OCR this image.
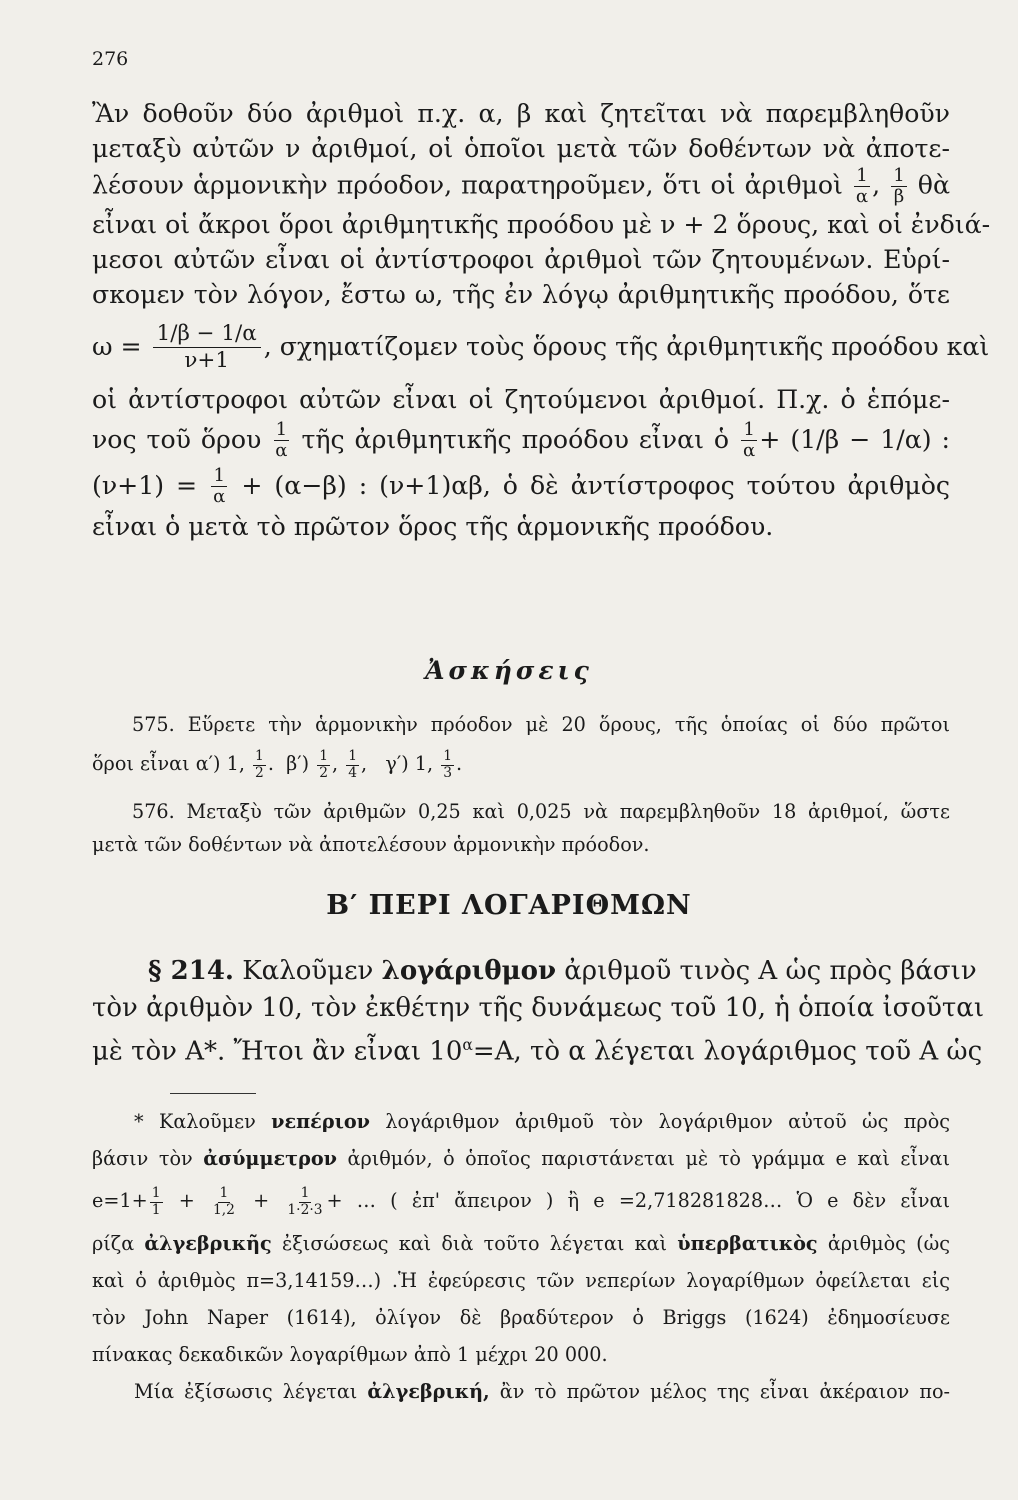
276

Ἂν δοθοῦν δύο ἀριθμοὶ π.χ. α, β καὶ ζητεῖται νὰ παρεμβληθοῦν
μεταξὺ αὐτῶν ν ἀριθμοί, οἱ ὁποῖοι μετὰ τῶν δοθέντων νὰ ἀποτε-
λέσουν ἁρμονικὴν πρόοδον, παρατηροῦμεν, ὅτι οἱ ἀριθμοὶ $\frac{1}{\alpha}$ , $\frac{1}{\beta}$ θὰ
εἶναι οἱ ἄκροι ὅροι ἀριθμητικῆς προόδου μὲ ν + 2 ὅρους, καὶ οἱ ἐνδιά-
μεσοι αὐτῶν εἶναι οἱ ἀντίστροφοι ἀριθμοὶ τῶν ζητουμένων. Εὑρί-
σκομεν τὸν λόγον, ἔστω ω, τῆς ἐν λόγῳ ἀριθμητικῆς προόδου, ὅτε
$\omega = \frac{1/\beta - 1/\alpha}{\nu+1}$ , σχηματίζομεν τοὺς ὅρους τῆς ἀριθμητικῆς προόδου καὶ
οἱ ἀντίστροφοι αὐτῶν εἶναι οἱ ζητούμενοι ἀριθμοί. Π.χ. ὁ ἑπόμε-
νος τοῦ ὅρου $\frac{1}{\alpha}$ τῆς ἀριθμητικῆς προόδου εἶναι ὁ $\frac{1}{\alpha} + (1/\beta - 1/\alpha)$ :
$(\nu+1) = \frac{1}{\alpha} + (\alpha-\beta)$ : (ν+1)αβ, ὁ δὲ ἀντίστροφος τούτου ἀριθμὸς
εἶναι ὁ μετὰ τὸ πρῶτον ὅρος τῆς ἁρμονικῆς προόδου.

Ἀσκήσεις

575. Εὕρετε τὴν ἁρμονικὴν πρόοδον μὲ 20 ὅρους, τῆς ὁποίας οἱ δύο πρῶτοι
ὅροι εἶναι α′) 1, $\frac{1}{2}$ .  $\beta') \frac{1}{2}$ , $\frac{1}{4}$ ,   γ′) 1, $\frac{1}{3}$ .

576. Μεταξὺ τῶν ἀριθμῶν 0,25 καὶ 0,025 νὰ παρεμβληθοῦν 18 ἀριθμοί, ὥστε
μετὰ τῶν δοθέντων νὰ ἀποτελέσουν ἁρμονικὴν πρόοδον.

Β′ ΠΕΡΙ ΛΟΓΑΡΙΘΜΩΝ

§ 214. Καλοῦμεν λογάριθμον ἀριθμοῦ τινὸς Α ὡς πρὸς βάσιν
τὸν ἀριθμὸν 10, τὸν ἐκθέτην τῆς δυνάμεως τοῦ 10, ἡ ὁποία ἰσοῦται
μὲ τὸν Α*. Ἤτοι ἂν εἶναι $10^\alpha=A$, τὸ α λέγεται λογάριθμος τοῦ Α ὡς

* Καλοῦμεν νεπέριον λογάριθμον ἀριθμοῦ τὸν λογάριθμον αὐτοῦ ὡς πρὸς
βάσιν τὸν ἀσύμμετρον ἀριθμόν, ὁ ὁποῖος παριστάνεται μὲ τὸ γράμμα e καὶ εἶναι
$e=1+ \frac{1}{1} + \frac{1}{1,2} + \frac{1}{1\cdot 2\cdot 3}$ + … ( ἐπ' ἄπειρον ) ἢ e =2,718281828… Ὁ e δὲν εἶναι
ρίζα ἀλγεβρικῆς ἐξισώσεως καὶ διὰ τοῦτο λέγεται καὶ ὑπερβατικὸς ἀριθμὸς (ὡς
καὶ ὁ ἀριθμὸς π=3,14159…) .Ἡ ἐφεύρεσις τῶν νεπερίων λογαρίθμων ὀφείλεται εἰς
τὸν John Naper (1614), ὀλίγον δὲ βραδύτερον ὁ Briggs (1624) ἐδημοσίευσε
πίνακας δεκαδικῶν λογαρίθμων ἀπὸ 1 μέχρι 20 000.
Μία ἐξίσωσις λέγεται ἀλγεβρική, ἂν τὸ πρῶτον μέλος της εἶναι ἀκέραιον πο-
